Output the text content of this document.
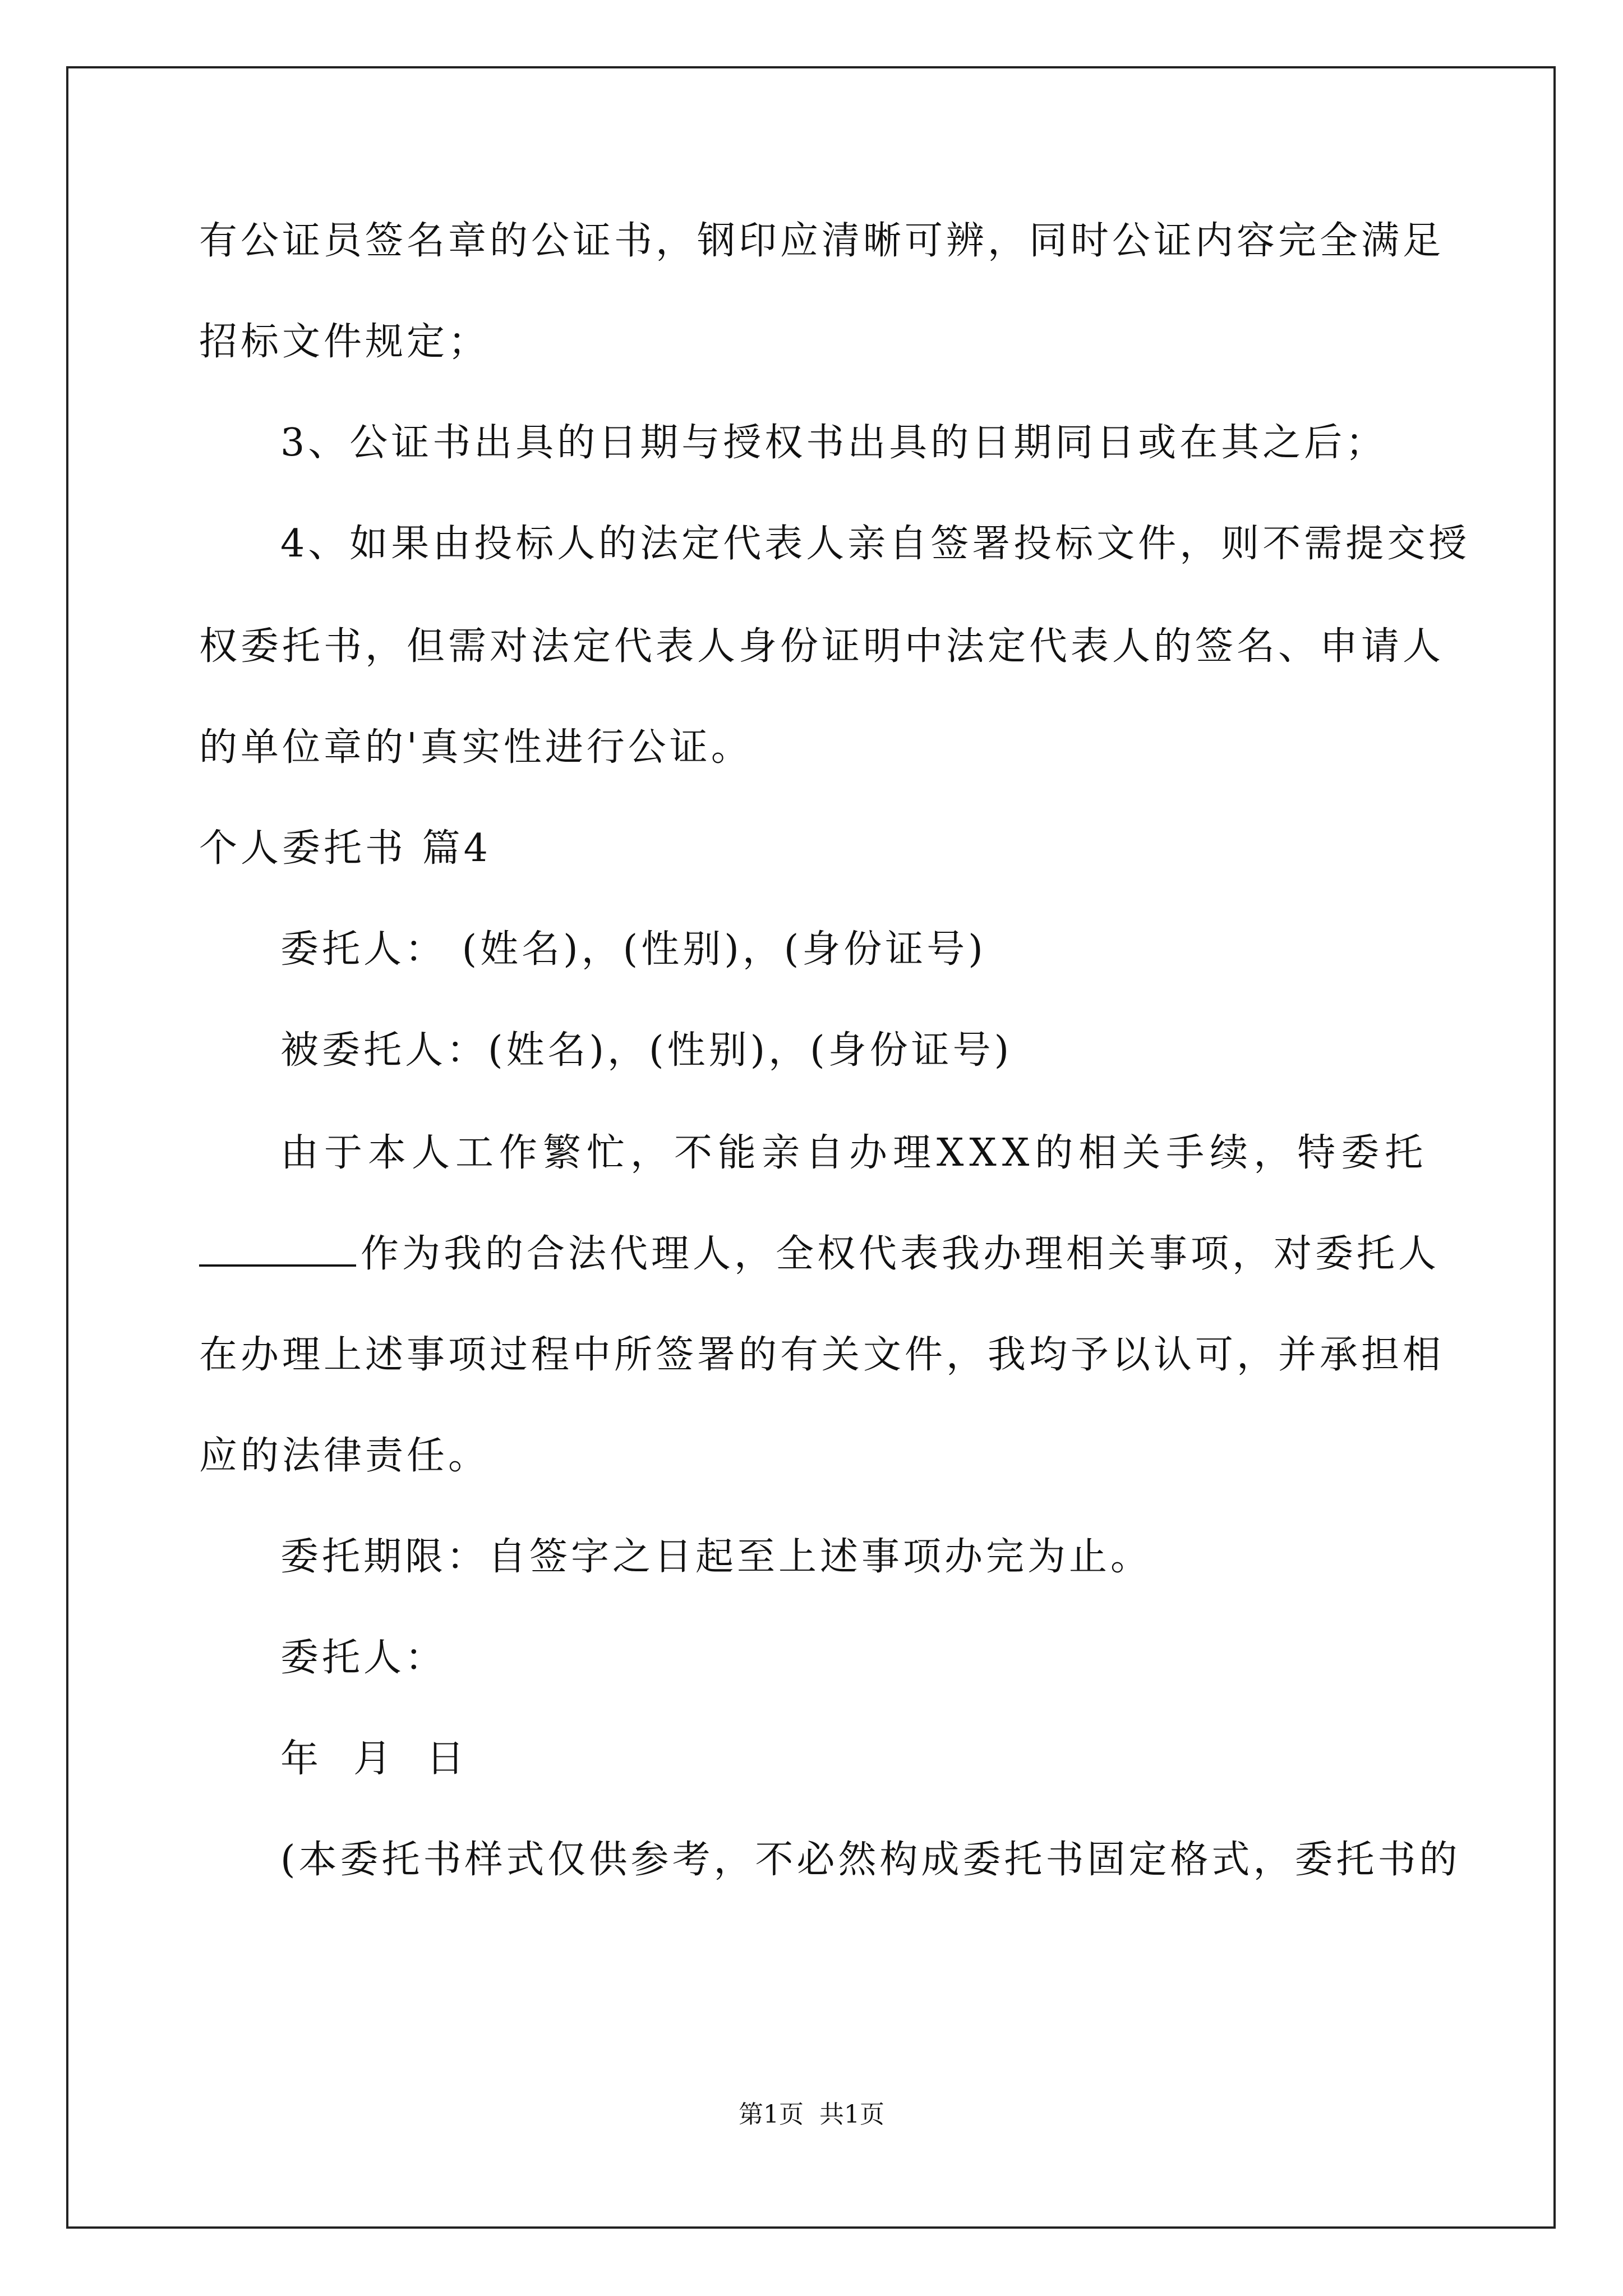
有公证员签名章的公证书，钢印应清晰可辨，同时公证内容完全满足
招标文件规定；
3、公证书出具的日期与授权书出具的日期同日或在其之后；
4、如果由投标人的法定代表人亲自签署投标文件，则不需提交授
权委托书，但需对法定代表人身份证明中法定代表人的签名、申请人
的单位章的'真实性进行公证。
个人委托书 篇4
委托人： (姓名)，(性别)，(身份证号)
被委托人：(姓名)，(性别)，(身份证号)
由于本人工作繁忙，不能亲自办理XXX的相关手续，特委托
作为我的合法代理人，全权代表我办理相关事项，对委托人
在办理上述事项过程中所签署的有关文件，我均予以认可，并承担相
应的法律责任。
委托期限：自签字之日起至上述事项办完为止。
委托人：
年 月 日
(本委托书样式仅供参考，不必然构成委托书固定格式，委托书的
第1页 共1页
